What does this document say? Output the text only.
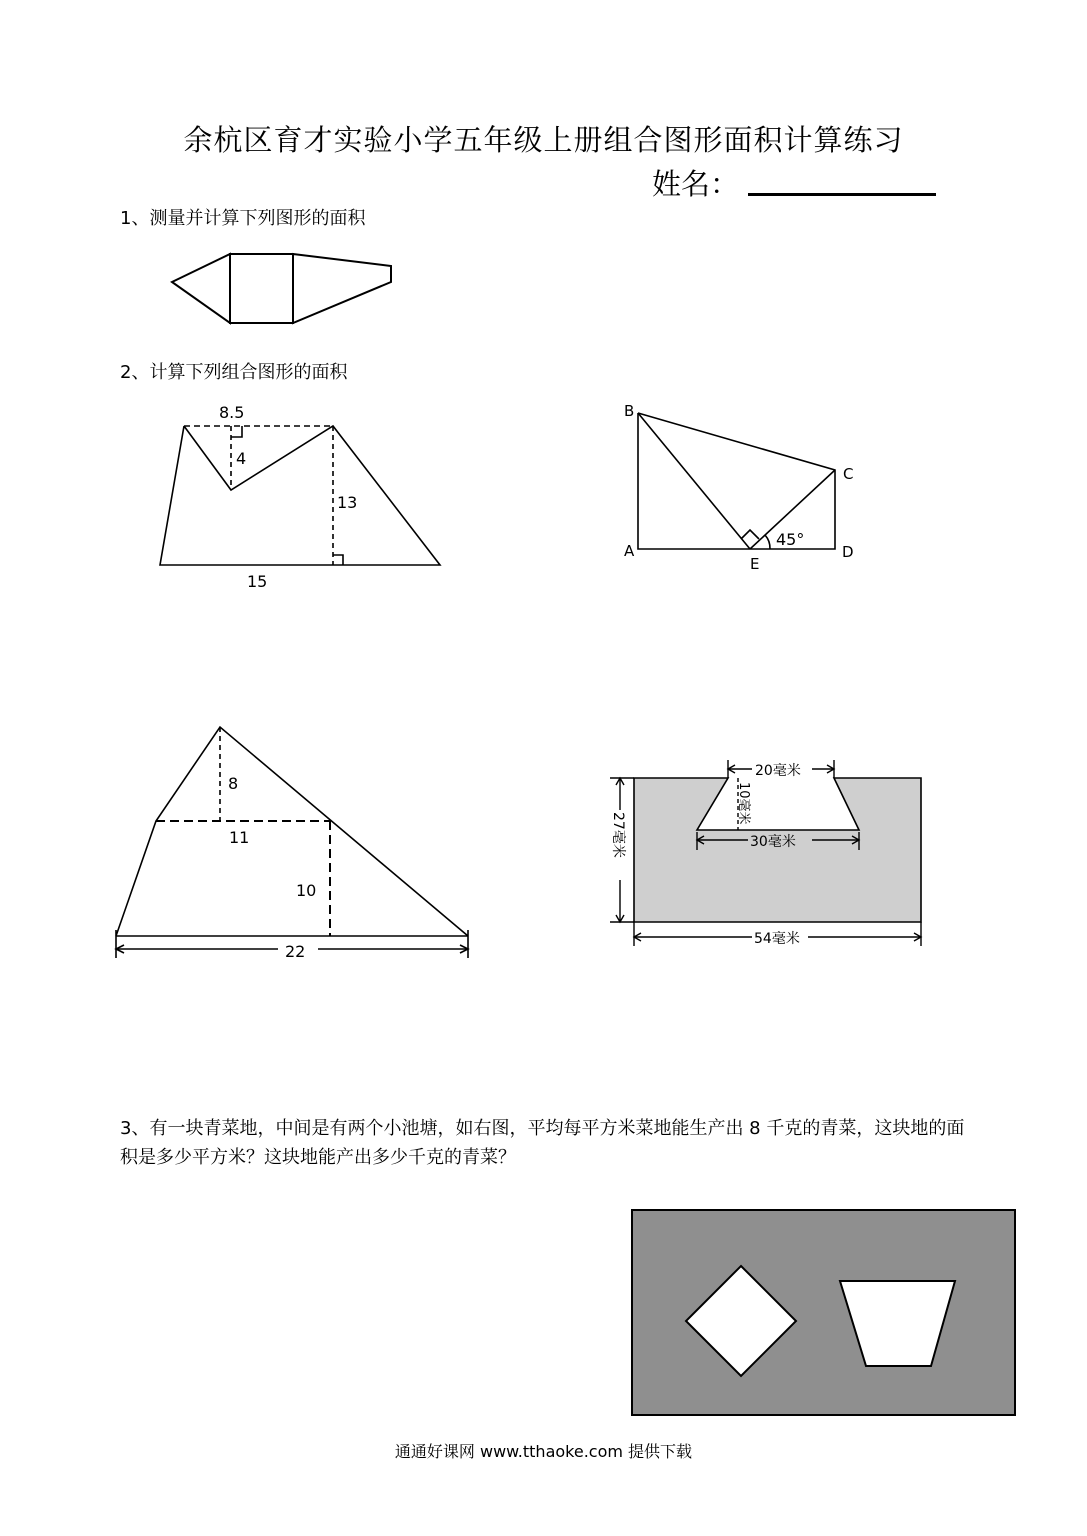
余杭区育才实验小学五年级上册组合图形面积计算练习
姓名：
1、测量并计算下列图形的面积
8.5
4
13
15
B
C
A
E
D
45°
8
11
10
22
20毫米
10毫米
30毫米
27毫米
54毫米
2、计算下列组合图形的面积
3、有一块青菜地，中间是有两个小池塘，如右图，平均每平方米菜地能生产出 8 千克的青菜，这块地的面积是多少平方米？这块地能产出多少千克的青菜？
通通好课网 www.tthaoke.com 提供下载
